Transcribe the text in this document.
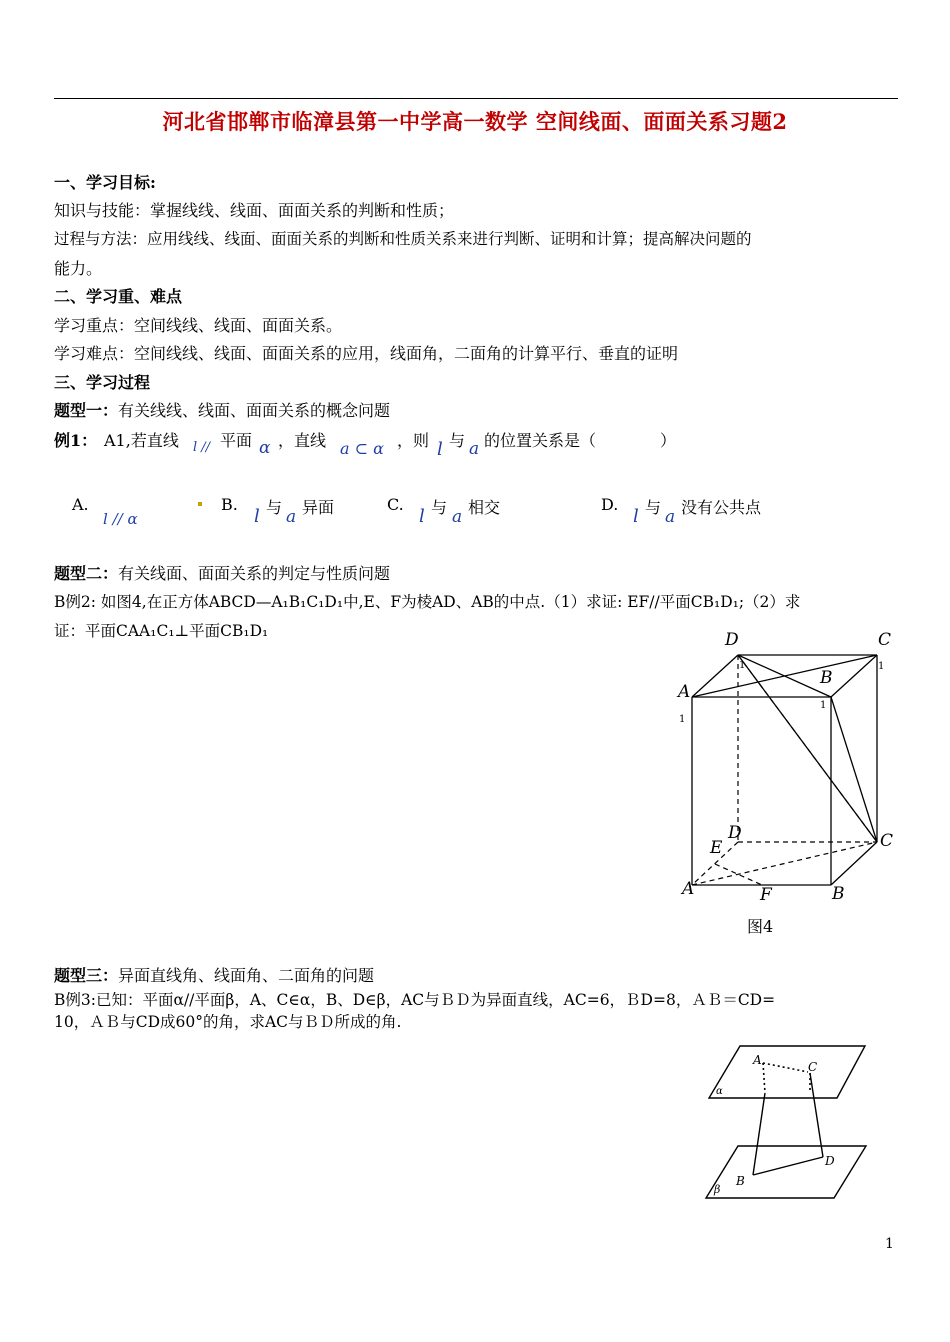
河北省邯郸市临漳县第一中学高一数学 空间线面、面面关系习题2
一、学习目标:
知识与技能：掌握线线、线面、面面关系的判断和性质；
过程与方法：应用线线、线面、面面关系的判断和性质关系来进行判断、证明和计算；提高解决问题的
能力。
二、学习重、难点
学习重点：空间线线、线面、面面关系。
学习难点：空间线线、线面、面面关系的应用，线面角，二面角的计算平行、垂直的证明
三、学习过程
题型一：有关线线、线面、面面关系的概念问题
例1： A1,若直线 l // 平面 α ，直线 a ⊂ α ，则 l 与 a 的位置关系是（　　　　）
A.
l // α
B.
l 与 a 异面	C.
l 与 a 相交	D.
l 与 a 没有公共点
题型二：有关线面、面面关系的判定与性质问题
B例2: 如图4,在正方体ABCD—A₁B₁C₁D₁中,E、F为棱AD、AB的中点.（1）求证: EF//平面CB₁D₁;（2）求
证：平面CAA₁C₁⊥平面CB₁D₁	D
1
C
1
A
1
B
1
D	C
E
A	F	B
图4
题型三：异面直线角、线面角、二面角的问题
B例3:已知：平面α//平面β，A、C∈α，B、D∈β，AC与ＢＤ为异面直线，AC=6，ＢD=8，ＡＢ＝CD=
10，ＡＢ与CD成60°的角，求AC与ＢＤ所成的角.
A	C
α
B
D
β
1
